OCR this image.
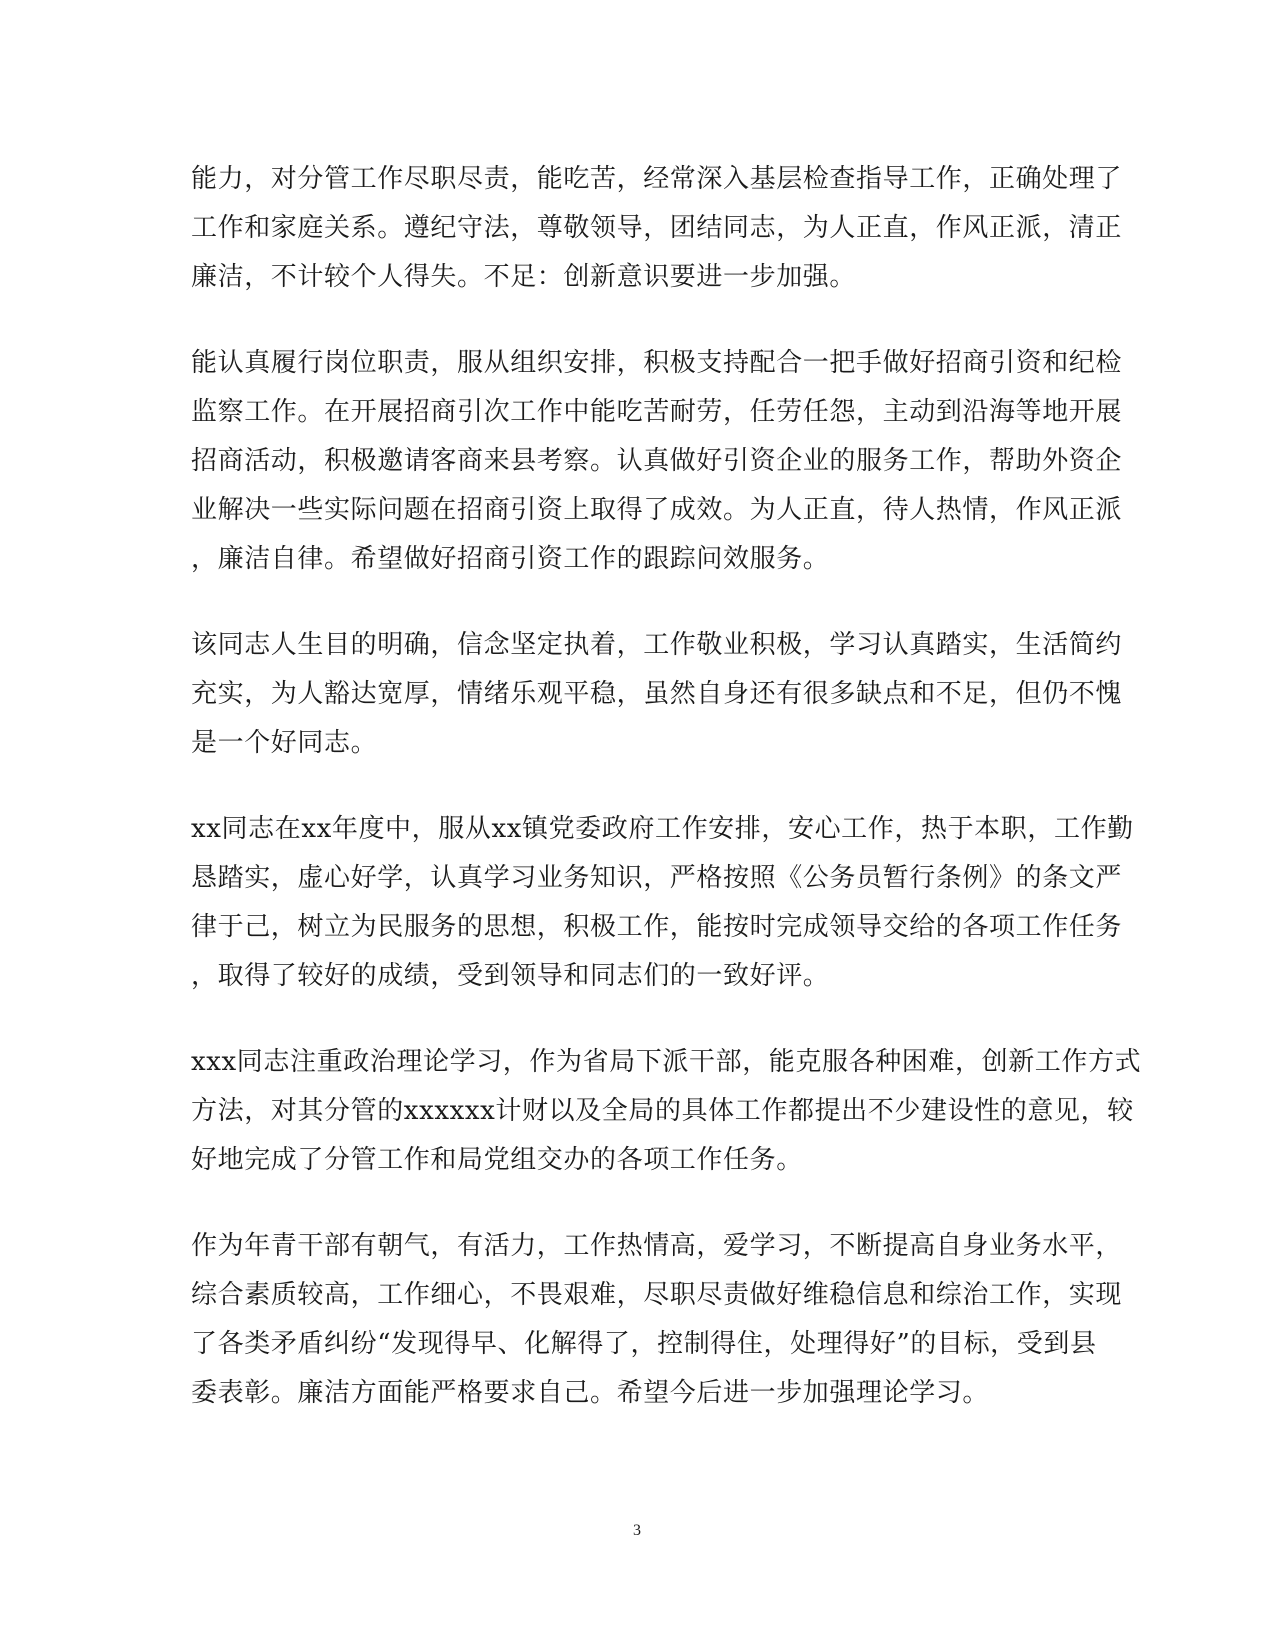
能力，对分管工作尽职尽责，能吃苦，经常深入基层检查指导工作，正确处理了
工作和家庭关系。遵纪守法，尊敬领导，团结同志，为人正直，作风正派，清正
廉洁，不计较个人得失。不足：创新意识要进一步加强。
能认真履行岗位职责，服从组织安排，积极支持配合一把手做好招商引资和纪检
监察工作。在开展招商引次工作中能吃苦耐劳，任劳任怨，主动到沿海等地开展
招商活动，积极邀请客商来县考察。认真做好引资企业的服务工作，帮助外资企
业解决一些实际问题在招商引资上取得了成效。为人正直，待人热情，作风正派
，廉洁自律。希望做好招商引资工作的跟踪问效服务。
该同志人生目的明确，信念坚定执着，工作敬业积极，学习认真踏实，生活简约
充实，为人豁达宽厚，情绪乐观平稳，虽然自身还有很多缺点和不足，但仍不愧
是一个好同志。
xx同志在xx年度中，服从xx镇党委政府工作安排，安心工作，热于本职，工作勤
恳踏实，虚心好学，认真学习业务知识，严格按照《公务员暂行条例》的条文严
律于己，树立为民服务的思想，积极工作，能按时完成领导交给的各项工作任务
，取得了较好的成绩，受到领导和同志们的一致好评。
xxx同志注重政治理论学习，作为省局下派干部，能克服各种困难，创新工作方式
方法，对其分管的xxxxxx计财以及全局的具体工作都提出不少建设性的意见，较
好地完成了分管工作和局党组交办的各项工作任务。
作为年青干部有朝气，有活力，工作热情高，爱学习，不断提高自身业务水平，
综合素质较高，工作细心，不畏艰难，尽职尽责做好维稳信息和综治工作，实现
了各类矛盾纠纷“发现得早、化解得了，控制得住，处理得好”的目标，受到县
委表彰。廉洁方面能严格要求自己。希望今后进一步加强理论学习。
3
